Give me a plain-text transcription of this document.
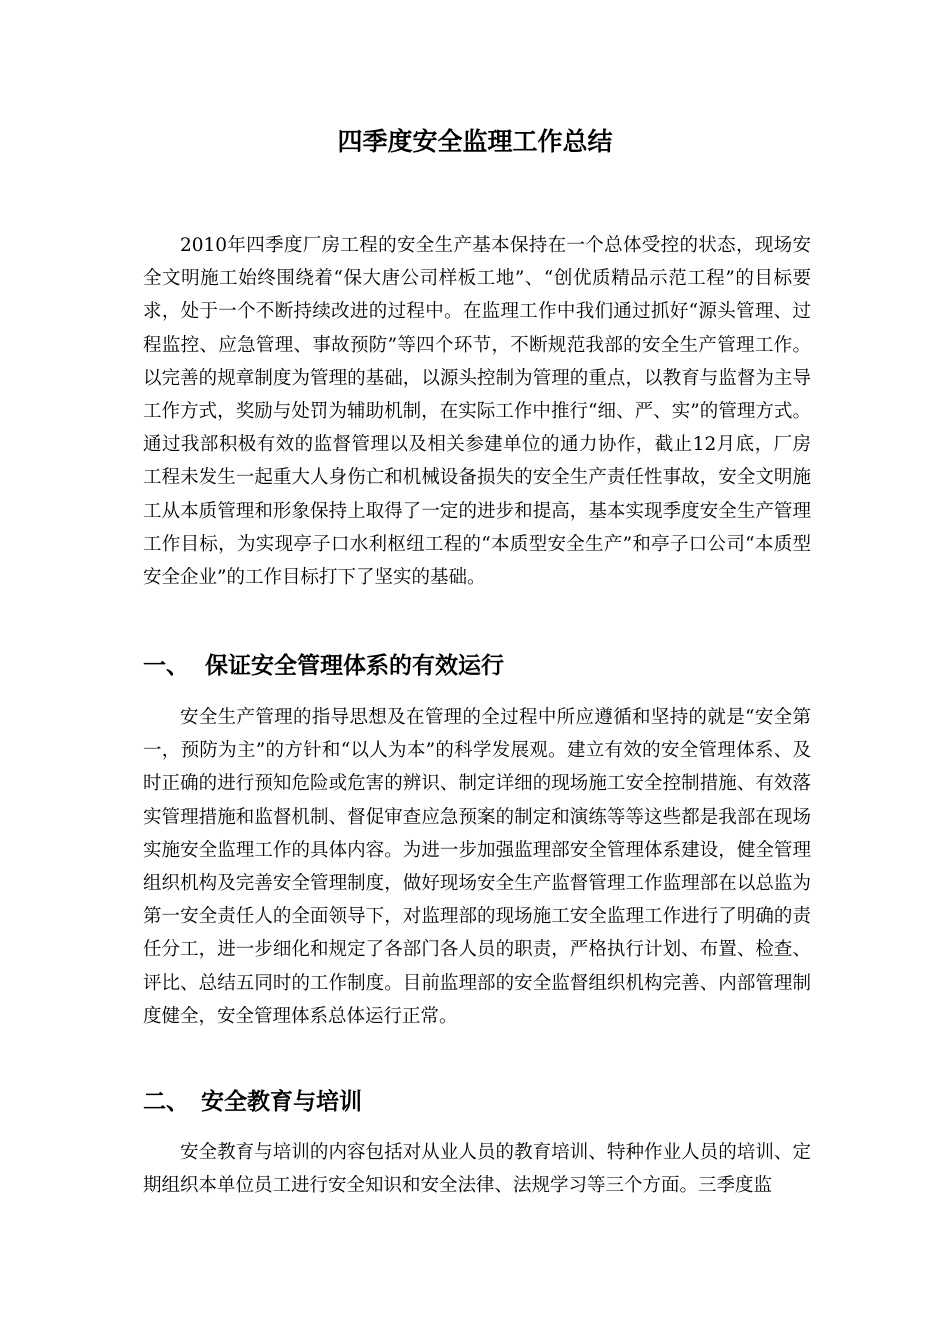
四季度安全监理工作总结

2010年四季度厂房工程的安全生产基本保持在一个总体受控的状态，现场安全文明施工始终围绕着“保大唐公司样板工地”、“创优质精品示范工程”的目标要求，处于一个不断持续改进的过程中。在监理工作中我们通过抓好“源头管理、过程监控、应急管理、事故预防”等四个环节，不断规范我部的安全生产管理工作。以完善的规章制度为管理的基础，以源头控制为管理的重点，以教育与监督为主导工作方式，奖励与处罚为辅助机制，在实际工作中推行“细、严、实”的管理方式。通过我部积极有效的监督管理以及相关参建单位的通力协作，截止12月底，厂房工程未发生一起重大人身伤亡和机械设备损失的安全生产责任性事故，安全文明施工从本质管理和形象保持上取得了一定的进步和提高，基本实现季度安全生产管理工作目标，为实现亭子口水利枢纽工程的“本质型安全生产”和亭子口公司“本质型安全企业”的工作目标打下了坚实的基础。

一、 保证安全管理体系的有效运行

安全生产管理的指导思想及在管理的全过程中所应遵循和坚持的就是“安全第一，预防为主”的方针和“以人为本”的科学发展观。建立有效的安全管理体系、及时正确的进行预知危险或危害的辨识、制定详细的现场施工安全控制措施、有效落实管理措施和监督机制、督促审查应急预案的制定和演练等等这些都是我部在现场实施安全监理工作的具体内容。为进一步加强监理部安全管理体系建设，健全管理组织机构及完善安全管理制度，做好现场安全生产监督管理工作监理部在以总监为第一安全责任人的全面领导下，对监理部的现场施工安全监理工作进行了明确的责任分工，进一步细化和规定了各部门各人员的职责，严格执行计划、布置、检查、评比、总结五同时的工作制度。目前监理部的安全监督组织机构完善、内部管理制度健全，安全管理体系总体运行正常。

二、 安全教育与培训

安全教育与培训的内容包括对从业人员的教育培训、特种作业人员的培训、定期组织本单位员工进行安全知识和安全法律、法规学习等三个方面。三季度监
